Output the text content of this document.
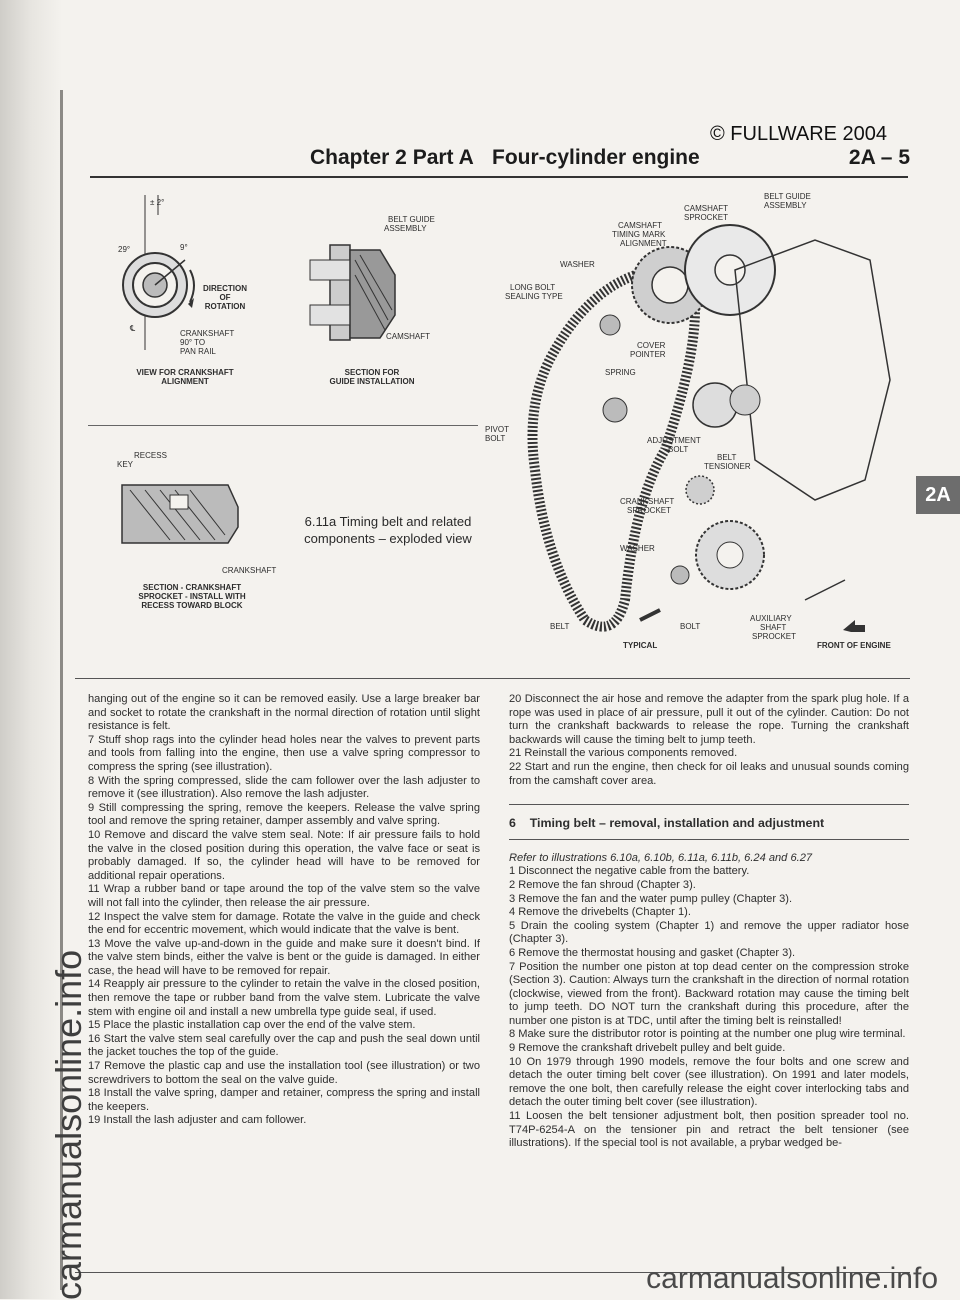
© FULLWARE 2004
Chapter 2 Part A Four-cylinder engine	2A – 5
2A
± 2°
29°	9°
DIRECTION
OF
ROTATION
℄
CRANKSHAFT
90° TO
PAN RAIL
VIEW FOR CRANKSHAFT
ALIGNMENT
BELT GUIDE
ASSEMBLY
CAMSHAFT
SECTION FOR
GUIDE INSTALLATION
KEY
RECESS
CRANKSHAFT
SECTION - CRANKSHAFT
SPROCKET - INSTALL WITH
RECESS TOWARD BLOCK
6.11a Timing belt and related
components – exploded view
BELT GUIDE
ASSEMBLY
CAMSHAFT
SPROCKET
CAMSHAFT
TIMING MARK
ALIGNMENT
WASHER
LONG BOLT
SEALING TYPE
COVER
POINTER
SPRING
PIVOT
BOLT	ADJUSTMENT
BOLT
BELT
TENSIONER
CRANKSHAFT
SPROCKET
WASHER
BELT	BOLT
TYPICAL
AUXILIARY
SHAFT
SPROCKET
FRONT OF ENGINE

hanging out of the engine so it can be removed easily. Use a large breaker bar and socket to rotate the crankshaft in the normal direction of rotation until slight resistance is felt.

7 Stuff shop rags into the cylinder head holes near the valves to prevent parts and tools from falling into the engine, then use a valve spring compressor to compress the spring (see illustration).

8 With the spring compressed, slide the cam follower over the lash adjuster to remove it (see illustration). Also remove the lash adjuster.

9 Still compressing the spring, remove the keepers. Release the valve spring tool and remove the spring retainer, damper assembly and valve spring.

10 Remove and discard the valve stem seal. Note: If air pressure fails to hold the valve in the closed position during this operation, the valve face or seat is probably damaged. If so, the cylinder head will have to be removed for additional repair operations.

11 Wrap a rubber band or tape around the top of the valve stem so the valve will not fall into the cylinder, then release the air pressure.

12 Inspect the valve stem for damage. Rotate the valve in the guide and check the end for eccentric movement, which would indicate that the valve is bent.

13 Move the valve up-and-down in the guide and make sure it doesn't bind. If the valve stem binds, either the valve is bent or the guide is damaged. In either case, the head will have to be removed for repair.

14 Reapply air pressure to the cylinder to retain the valve in the closed position, then remove the tape or rubber band from the valve stem. Lubricate the valve stem with engine oil and install a new umbrella type guide seal, if used.

15 Place the plastic installation cap over the end of the valve stem.

16 Start the valve stem seal carefully over the cap and push the seal down until the jacket touches the top of the guide.

17 Remove the plastic cap and use the installation tool (see illustration) or two screwdrivers to bottom the seal on the valve guide.

18 Install the valve spring, damper and retainer, compress the spring and install the keepers.

19 Install the lash adjuster and cam follower.

20 Disconnect the air hose and remove the adapter from the spark plug hole. If a rope was used in place of air pressure, pull it out of the cylinder. Caution: Do not turn the crankshaft backwards to release the rope. Turning the crankshaft backwards will cause the timing belt to jump teeth.

21 Reinstall the various components removed.

22 Start and run the engine, then check for oil leaks and unusual sounds coming from the camshaft cover area.

6 Timing belt – removal, installation and adjustment

Refer to illustrations 6.10a, 6.10b, 6.11a, 6.11b, 6.24 and 6.27

1 Disconnect the negative cable from the battery.

2 Remove the fan shroud (Chapter 3).

3 Remove the fan and the water pump pulley (Chapter 3).

4 Remove the drivebelts (Chapter 1).

5 Drain the cooling system (Chapter 1) and remove the upper radiator hose (Chapter 3).

6 Remove the thermostat housing and gasket (Chapter 3).

7 Position the number one piston at top dead center on the compression stroke (Section 3). Caution: Always turn the crankshaft in the direction of normal rotation (clockwise, viewed from the front). Backward rotation may cause the timing belt to jump teeth. DO NOT turn the crankshaft during this procedure, after the number one piston is at TDC, until after the timing belt is reinstalled!

8 Make sure the distributor rotor is pointing at the number one plug wire terminal.

9 Remove the crankshaft drivebelt pulley and belt guide.

10 On 1979 through 1990 models, remove the four bolts and one screw and detach the outer timing belt cover (see illustration). On 1991 and later models, remove the one bolt, then carefully release the eight cover interlocking tabs and detach the outer timing belt cover (see illustration).

11 Loosen the belt tensioner adjustment bolt, then position spreader tool no. T74P-6254-A on the tensioner pin and retract the belt tensioner (see illustrations). If the special tool is not available, a prybar wedged be-

carmanualsonline.info	carmanualsonline.info
